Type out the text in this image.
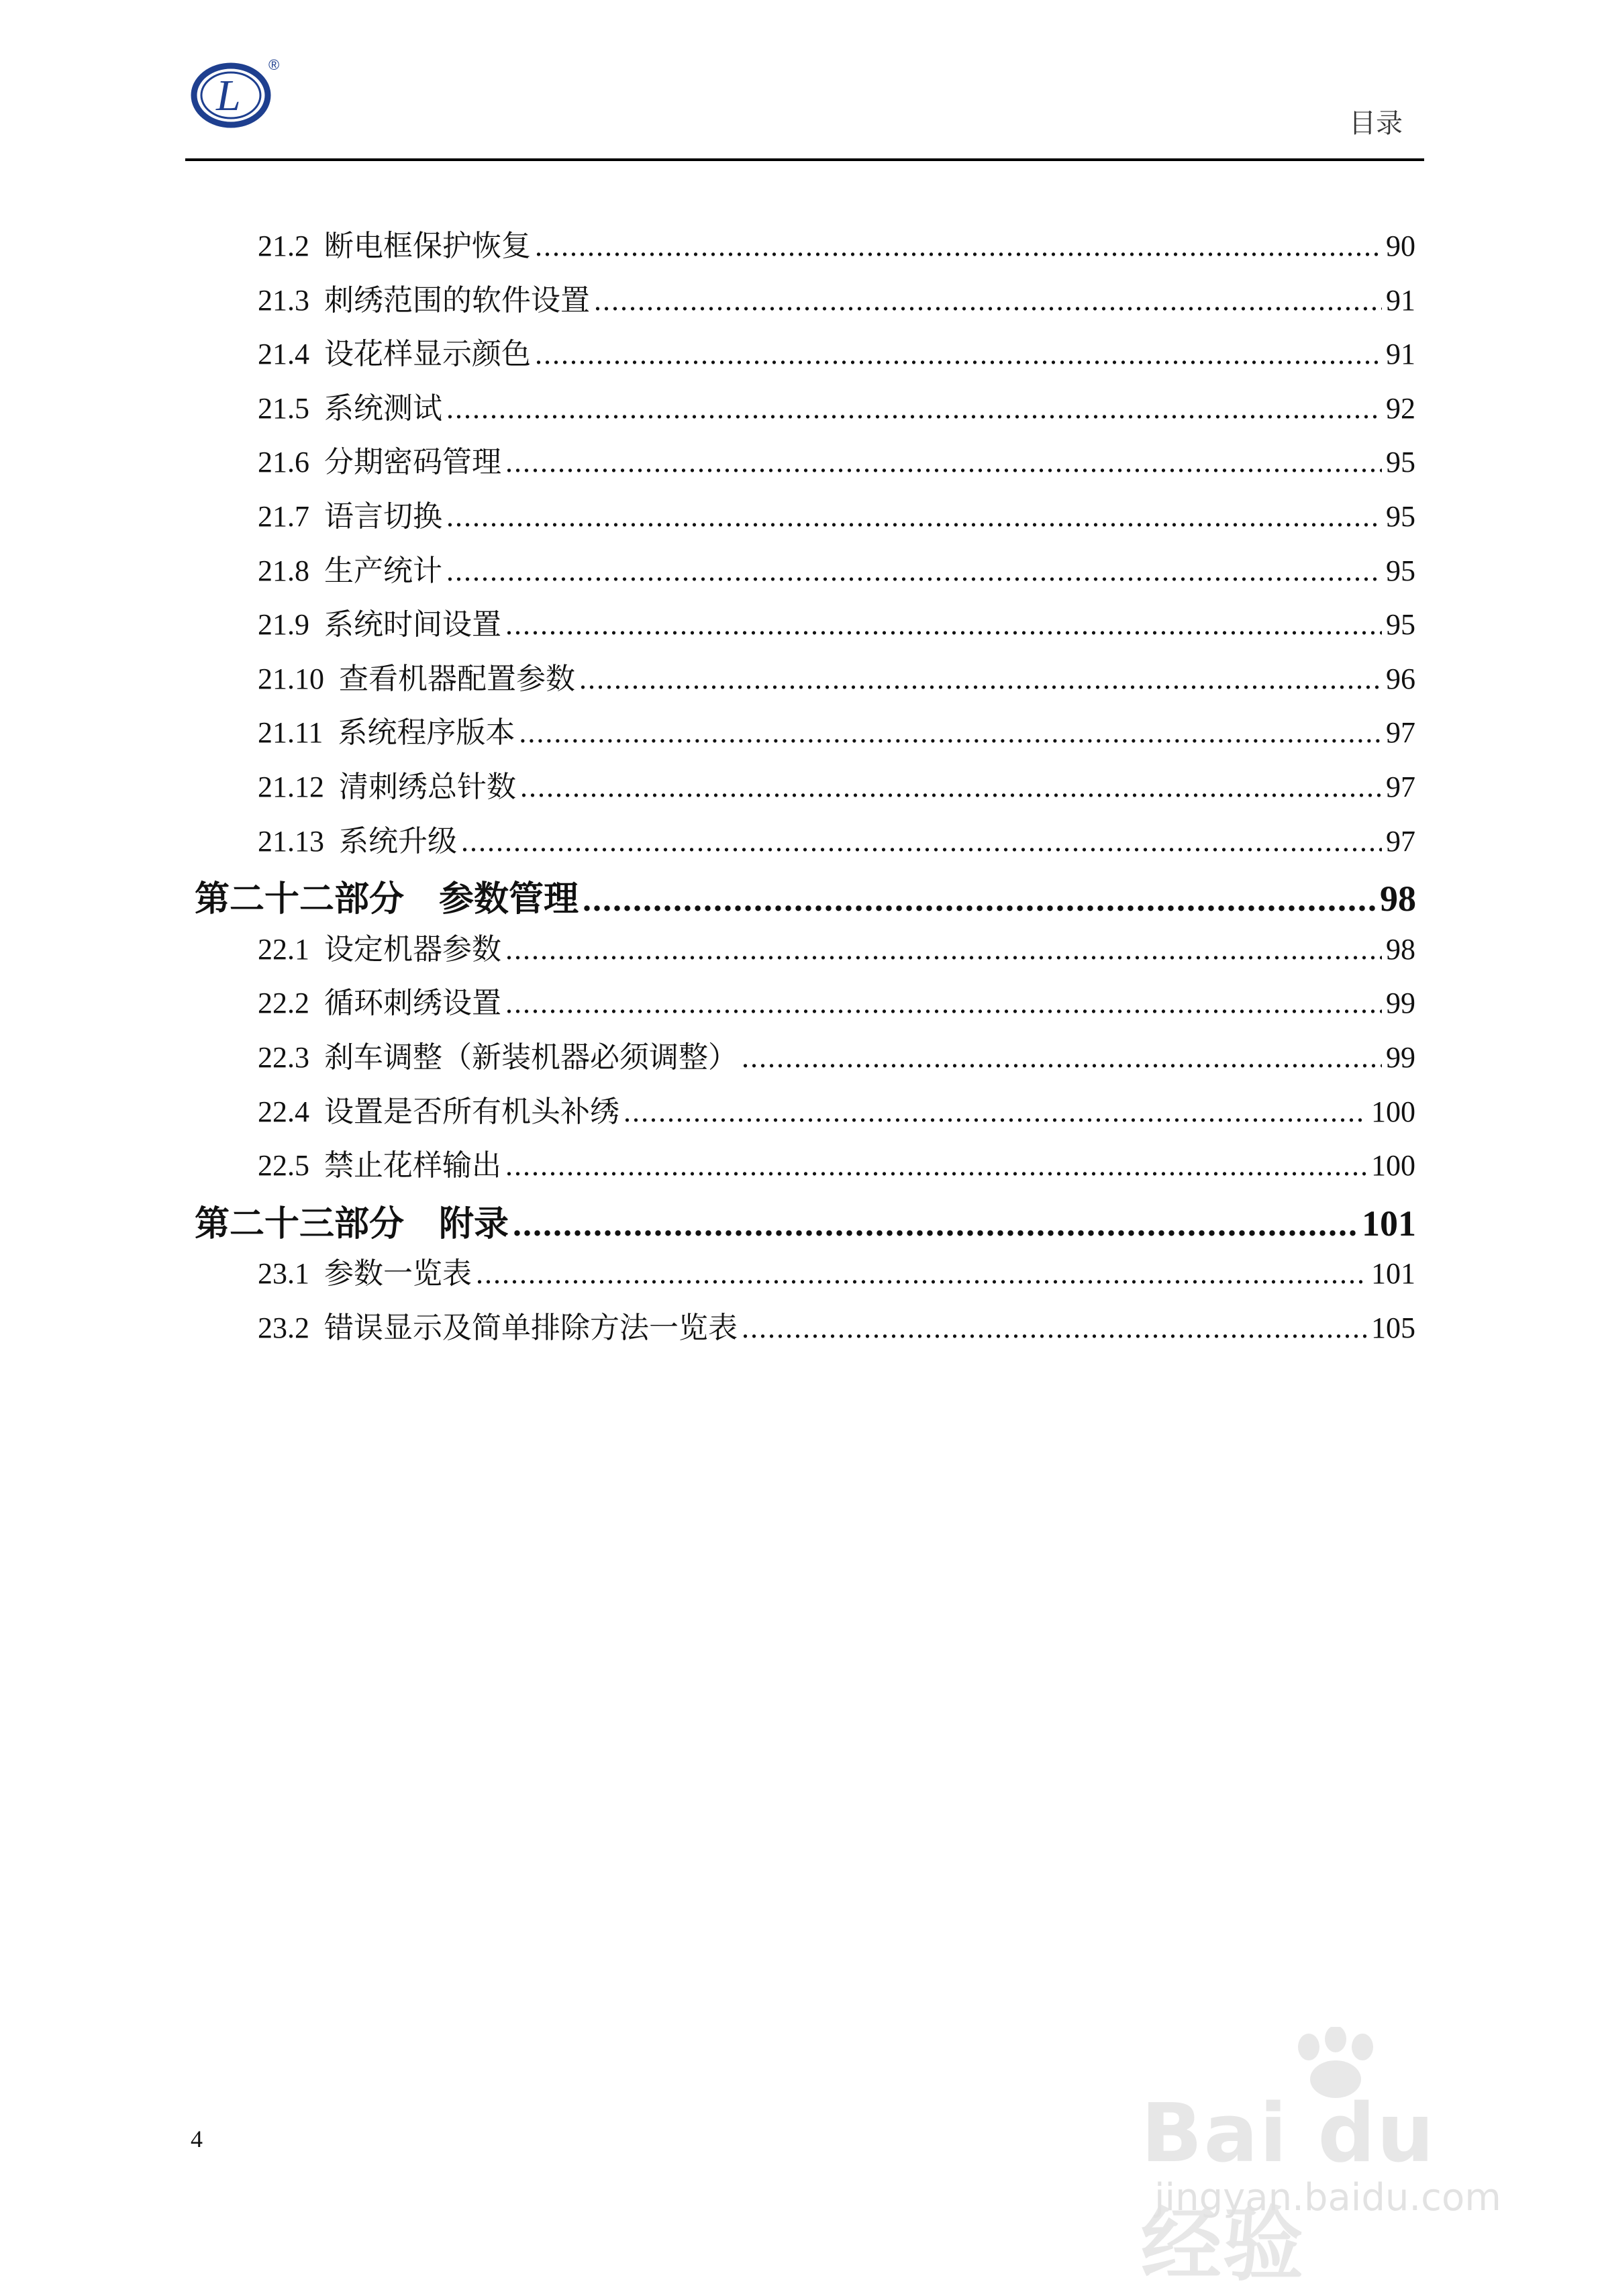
L
®
目录
21.2 断电框保护恢复 .....	90
21.3 刺绣范围的软件设置 .....	91
21.4 设花样显示颜色 .....	91
21.5 系统测试 .....	92
21.6 分期密码管理 .....	95
21.7 语言切换 .....	95
21.8 生产统计 .....	95
21.9 系统时间设置 .....	95
21.10 查看机器配置参数 .....	96
21.11 系统程序版本 .....	97
21.12 清刺绣总针数 .....	97
21.13 系统升级 .....	97
第二十二部分　参数管理 .....	98
22.1 设定机器参数 .....	98
22.2 循环刺绣设置 .....	99
22.3 刹车调整（新装机器必须调整） .....	99
22.4 设置是否所有机头补绣 .....	100
22.5 禁止花样输出 .....	100
第二十三部分　附录 .....	101
23.1 参数一览表 .....	101
23.2 错误显示及简单排除方法一览表 .....	105
4	Bai du 经验
jingyan.baidu.com
